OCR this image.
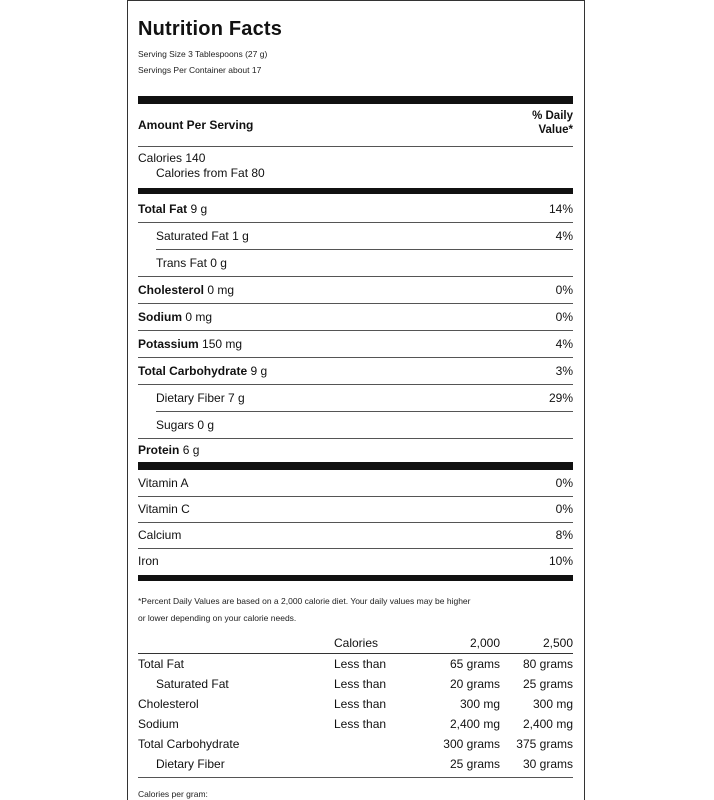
Nutrition Facts
Serving Size 3 Tablespoons (27 g)
Servings Per Container about 17
Amount Per Serving
% Daily
Value*
Calories 140
Calories from Fat 80
Total Fat 9 g	14%
Saturated Fat 1 g	4%
Trans Fat 0 g
Cholesterol 0 mg	0%
Sodium 0 mg	0%
Potassium 150 mg	4%
Total Carbohydrate 9 g	3%
Dietary Fiber 7 g	29%
Sugars 0 g
Protein 6 g
Vitamin A	0%
Vitamin C	0%
Calcium	8%
Iron	10%
*Percent Daily Values are based on a 2,000 calorie diet. Your daily values may be higher
or lower depending on your calorie needs.
	Calories	2,000	2,500
Total Fat	Less than	65 grams	80 grams
Saturated Fat	Less than	20 grams	25 grams
Cholesterol	Less than	300 mg	300 mg
Sodium	Less than	2,400 mg	2,400 mg
Total Carbohydrate		300 grams	375 grams
Dietary Fiber		25 grams	30 grams
Calories per gram:
